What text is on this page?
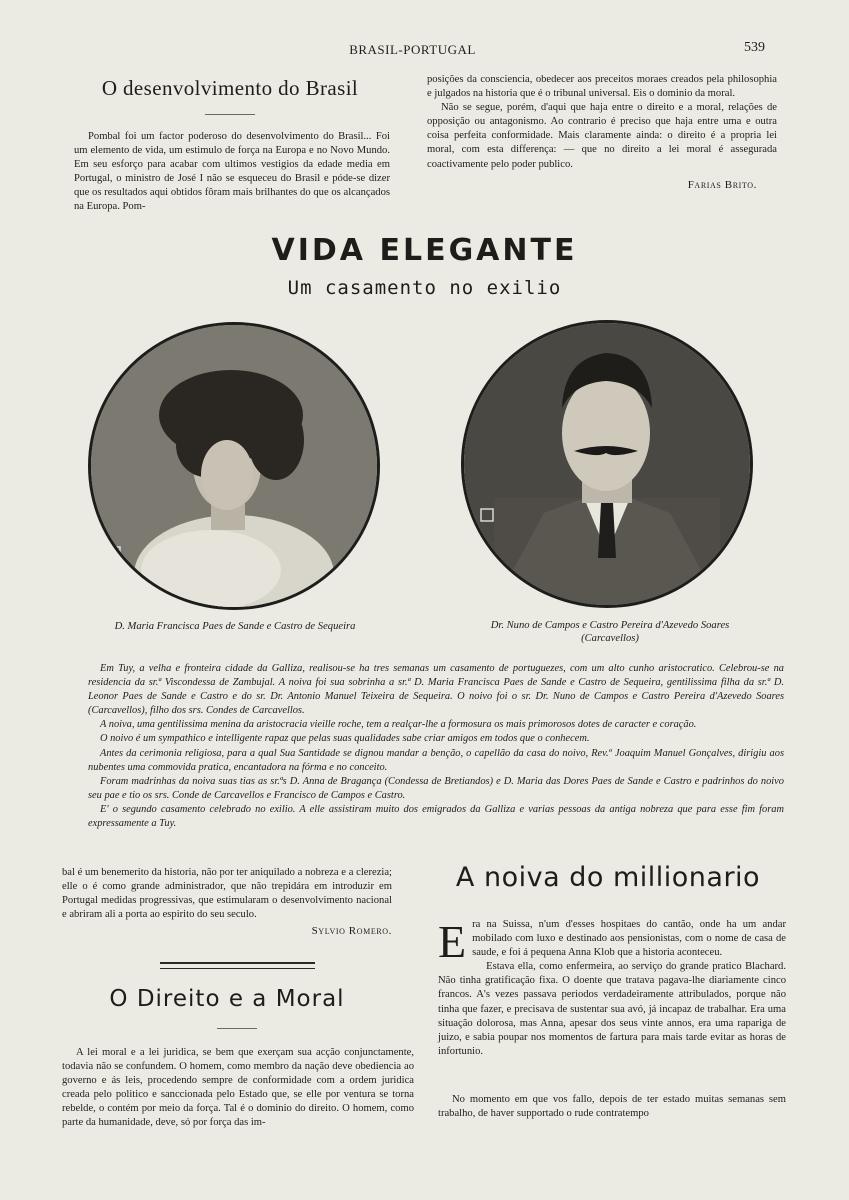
BRASIL-PORTUGAL	539
O desenvolvimento do Brasil

Pombal foi um factor poderoso do desenvolvimento do Brasil... Foi um elemento de vida, um estimulo de força na Europa e no Novo Mundo. Em seu esforço para acabar com ultimos vestigios da edade media em Portugal, o ministro de José I não se esqueceu do Brasil e póde-se dizer que os resultados aqui obtidos fôram mais brilhantes do que os alcançados na Europa. Pom-

posições da consciencia, obedecer aos preceitos moraes creados pela philosophia e julgados na historia que é o tribunal universal. Eis o dominio da moral.

Não se segue, porém, d'aqui que haja entre o direito e a moral, relações de opposição ou antagonismo. Ao contrario é preciso que haja entre uma e outra coisa perfeita conformidade. Mais claramente ainda: o direito é a propria lei moral, com esta differença: — que no direito a lei moral é assegurada coactivamente pelo poder publico.

Farias Brito.
VIDA ELEGANTE
Um casamento no exilio
D. Maria Francisca Paes de Sande e Castro de Sequeira	Dr. Nuno de Campos e Castro Pereira d'Azevedo Soares
(Carcavellos)

Em Tuy, a velha e fronteira cidade da Galliza, realisou-se ha tres semanas um casamento de portuguezes, com um alto cunho aristocratico. Celebrou-se na residencia da sr.ª Viscondessa de Zambujal. A noiva foi sua sobrinha a sr.ª D. Maria Francisca Paes de Sande e Castro de Sequeira, gentilissima filha da sr.ª D. Leonor Paes de Sande e Castro e do sr. Dr. Antonio Manuel Teixeira de Sequeira. O noivo foi o sr. Dr. Nuno de Campos e Castro Pereira d'Azevedo Soares (Carcavellos), filho dos srs. Condes de Carcavellos.

A noiva, uma gentilissima menina da aristocracia vieille roche, tem a realçar-lhe a formosura os mais primorosos dotes de caracter e coração.

O noivo é um sympathico e intelligente rapaz que pelas suas qualidades sabe criar amigos em todos que o conhecem.

Antes da cerimonia religiosa, para a qual Sua Santidade se dignou mandar a benção, o capellão da casa do noivo, Rev.º Joaquim Manuel Gonçalves, dirigiu aos nubentes uma commovida pratica, encantadora na fórma e no conceito.

Foram madrinhas da noiva suas tias as sr.ªs D. Anna de Bragança (Condessa de Bretiandos) e D. Maria das Dores Paes de Sande e Castro e padrinhos do noivo seu pae e tio os srs. Conde de Carcavellos e Francisco de Campos e Castro.

E' o segundo casamento celebrado no exilio. A elle assistiram muito dos emigrados da Galliza e varias pessoas da antiga nobreza que para esse fim foram expressamente a Tuy.

bal é um benemerito da historia, não por ter aniquilado a nobreza e a clerezia; elle o é como grande administrador, que não trepidára em introduzir em Portugal medidas progressivas, que estimularam o desenvolvimento nacional e abriram ali a porta ao espirito do seu seculo.

Sylvio Romero.
O Direito e a Moral

A lei moral e a lei juridica, se bem que exerçam sua acção conjunctamente, todavia não se confundem. O homem, como membro da nação deve obediencia ao governo e ás leis, procedendo sempre de conformidade com a ordem juridica creada pelo politico e sanccionada pelo Estado que, se elle por ventura se torna rebelde, o contém por meio da força. Tal é o dominio do direito. O homem, como parte da humanidade, deve, só por força das im-

A noiva do millionario

Era na Suissa, n'um d'esses hospitaes do cantão, onde ha um andar mobilado com luxo e destinado aos pensionistas, com o nome de casa de saude, e foi á pequena Anna Klob que a historia aconteceu.

Estava ella, como enfermeira, ao serviço do grande pratico Blachard. Não tinha gratificação fixa. O doente que tratava pagava-lhe diariamente cinco francos. A's vezes passava periodos verdadeiramente attribulados, porque não tinha que fazer, e precisava de sustentar sua avó, já incapaz de trabalhar. Era uma situação dolorosa, mas Anna, apesar dos seus vinte annos, era uma rapariga de juizo, e sabia poupar nos momentos de fartura para mais tarde evitar as horas de infortunio.

No momento em que vos fallo, depois de ter estado muitas semanas sem trabalho, de haver supportado o rude contratempo
